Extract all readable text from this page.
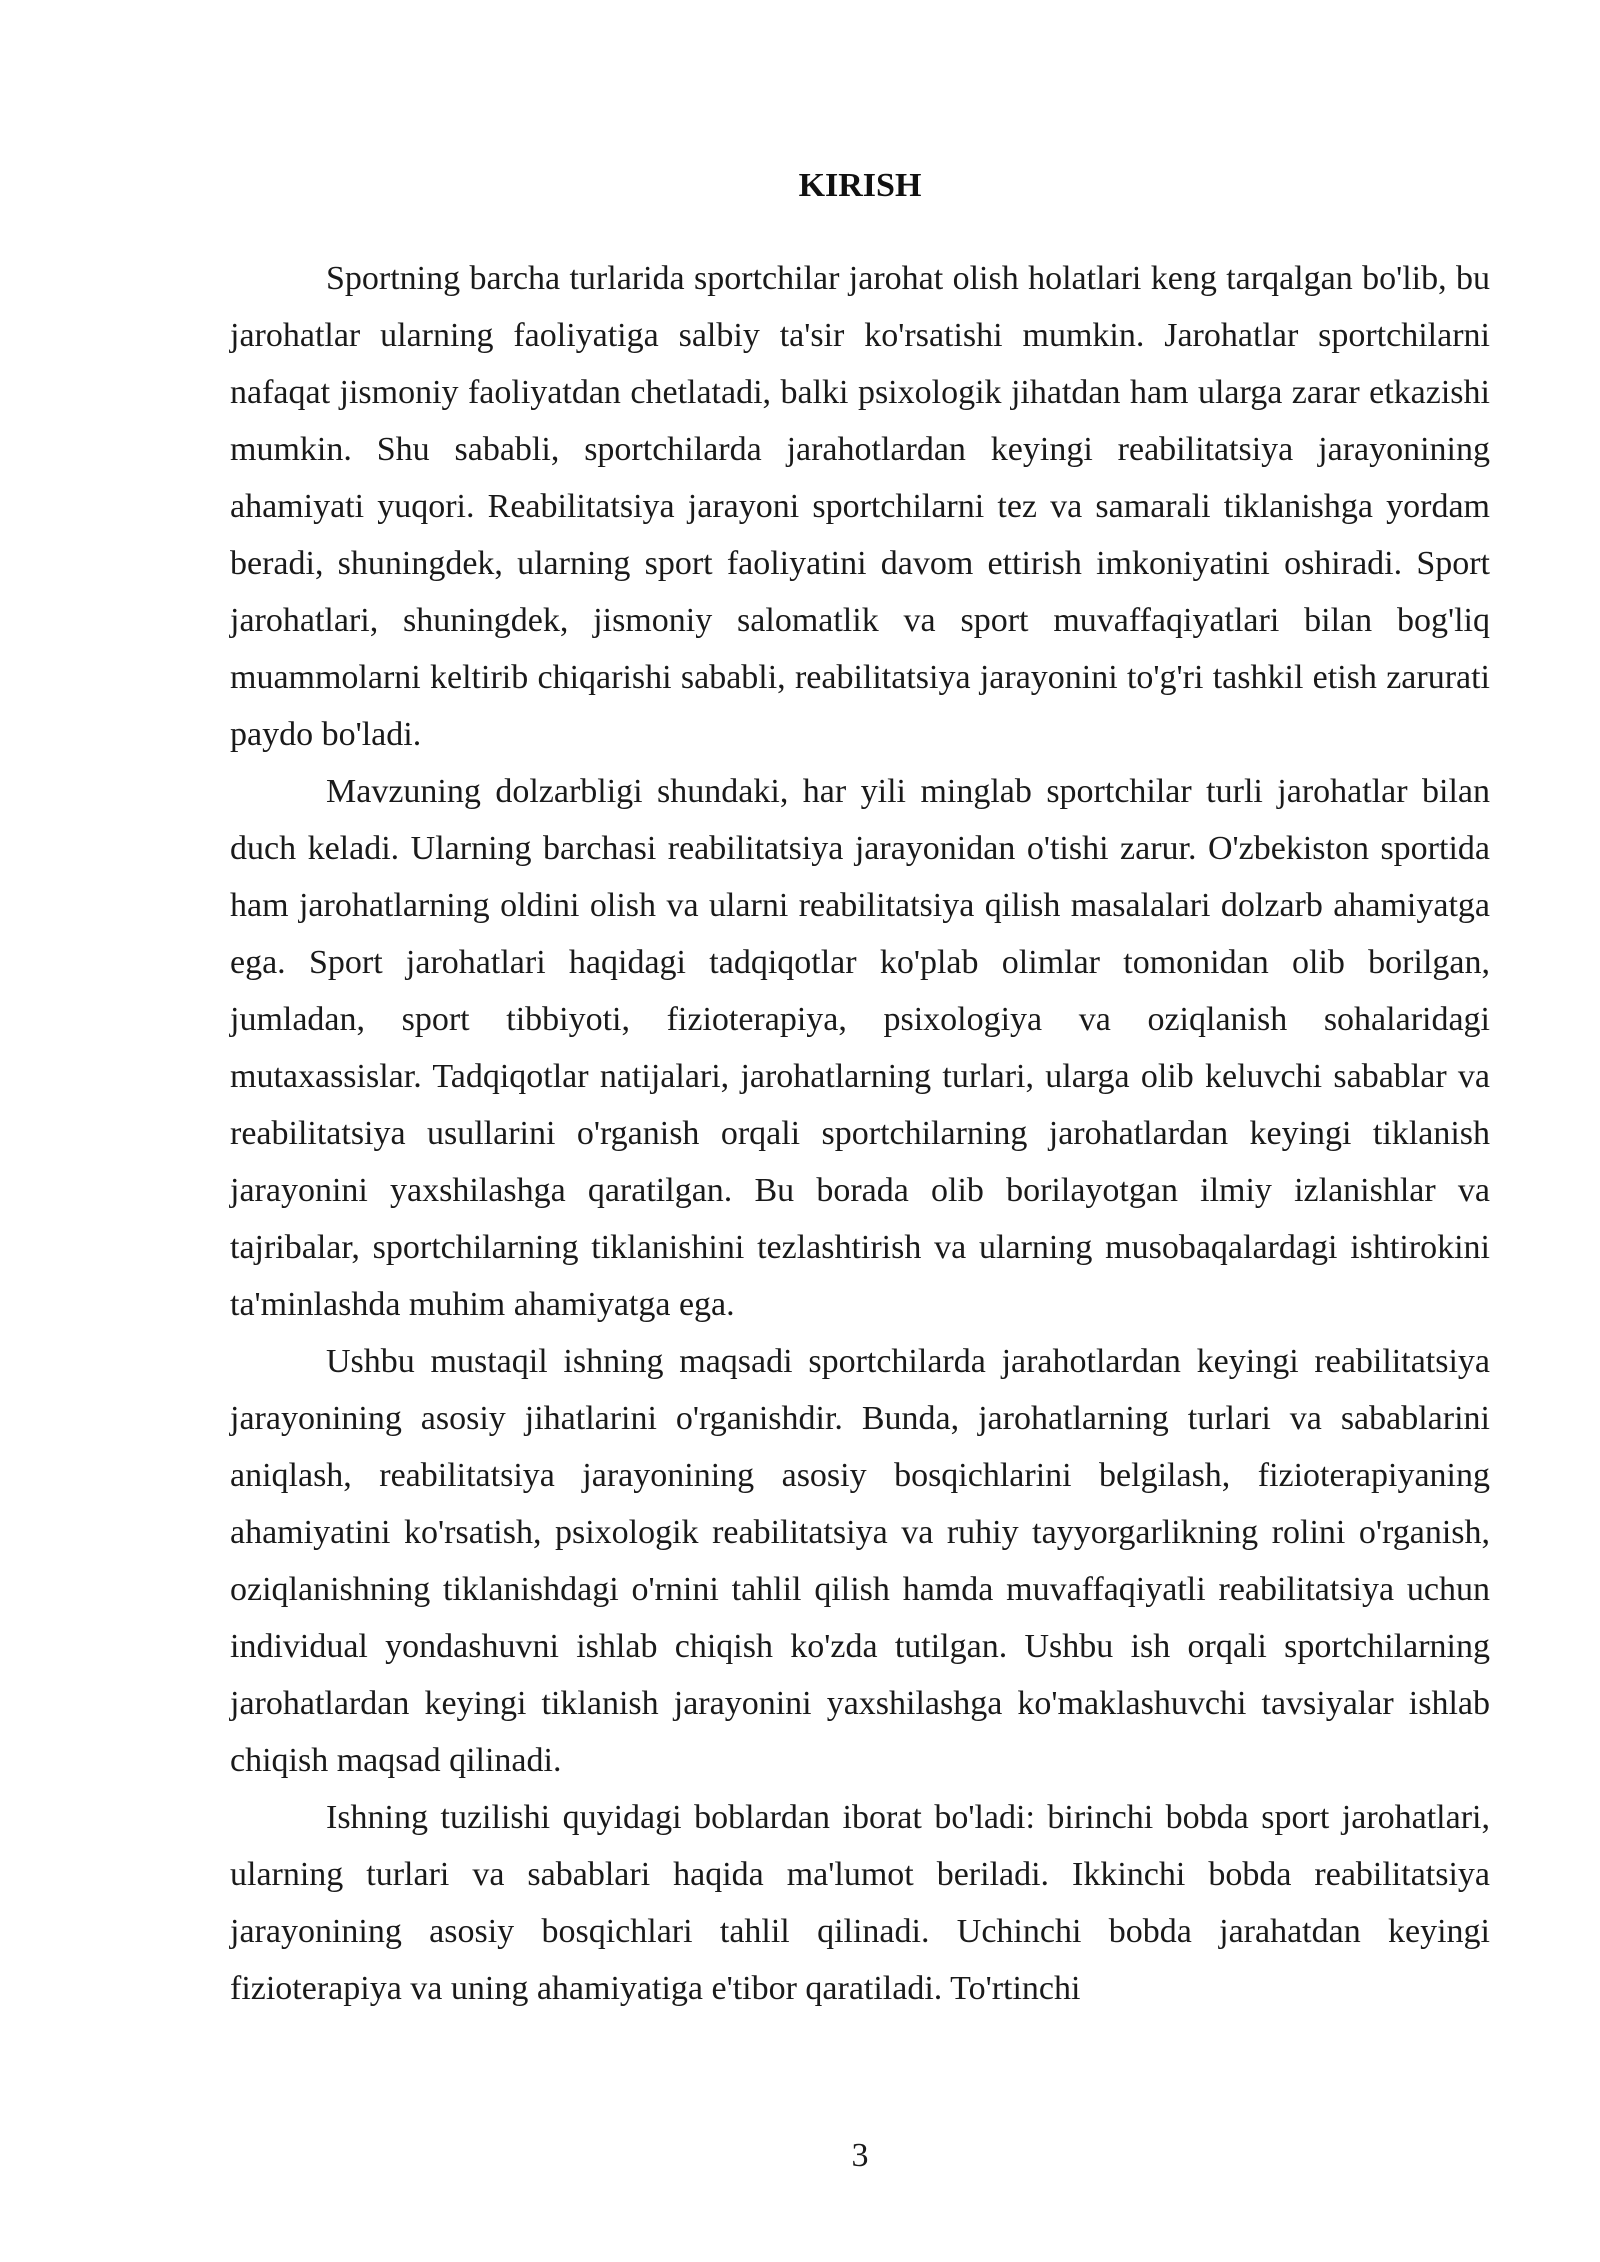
KIRISH

Sportning barcha turlarida sportchilar jarohat olish holatlari keng tarqalgan bo'lib, bu jarohatlar ularning faoliyatiga salbiy ta'sir ko'rsatishi mumkin. Jarohatlar sportchilarni nafaqat jismoniy faoliyatdan chetlatadi, balki psixologik jihatdan ham ularga zarar etkazishi mumkin. Shu sababli, sportchilarda jarahotlardan keyingi reabilitatsiya jarayonining ahamiyati yuqori. Reabilitatsiya jarayoni sportchilarni tez va samarali tiklanishga yordam beradi, shuningdek, ularning sport faoliyatini davom ettirish imkoniyatini oshiradi. Sport jarohatlari, shuningdek, jismoniy salomatlik va sport muvaffaqiyatlari bilan bog'liq muammolarni keltirib chiqarishi sababli, reabilitatsiya jarayonini to'g'ri tashkil etish zarurati paydo bo'ladi.

Mavzuning dolzarbligi shundaki, har yili minglab sportchilar turli jarohatlar bilan duch keladi. Ularning barchasi reabilitatsiya jarayonidan o'tishi zarur. O'zbekiston sportida ham jarohatlarning oldini olish va ularni reabilitatsiya qilish masalalari dolzarb ahamiyatga ega. Sport jarohatlari haqidagi tadqiqotlar ko'plab olimlar tomonidan olib borilgan, jumladan, sport tibbiyoti, fizioterapiya, psixologiya va oziqlanish sohalaridagi mutaxassislar. Tadqiqotlar natijalari, jarohatlarning turlari, ularga olib keluvchi sabablar va reabilitatsiya usullarini o'rganish orqali sportchilarning jarohatlardan keyingi tiklanish jarayonini yaxshilashga qaratilgan. Bu borada olib borilayotgan ilmiy izlanishlar va tajribalar, sportchilarning tiklanishini tezlashtirish va ularning musobaqalardagi ishtirokini ta'minlashda muhim ahamiyatga ega.

Ushbu mustaqil ishning maqsadi sportchilarda jarahotlardan keyingi reabilitatsiya jarayonining asosiy jihatlarini o'rganishdir. Bunda, jarohatlarning turlari va sabablarini aniqlash, reabilitatsiya jarayonining asosiy bosqichlarini belgilash, fizioterapiyaning ahamiyatini ko'rsatish, psixologik reabilitatsiya va ruhiy tayyorgarlikning rolini o'rganish, oziqlanishning tiklanishdagi o'rnini tahlil qilish hamda muvaffaqiyatli reabilitatsiya uchun individual yondashuvni ishlab chiqish ko'zda tutilgan. Ushbu ish orqali sportchilarning jarohatlardan keyingi tiklanish jarayonini yaxshilashga ko'maklashuvchi tavsiyalar ishlab chiqish maqsad qilinadi.

Ishning tuzilishi quyidagi boblardan iborat bo'ladi: birinchi bobda sport jarohatlari, ularning turlari va sabablari haqida ma'lumot beriladi. Ikkinchi bobda reabilitatsiya jarayonining asosiy bosqichlari tahlil qilinadi. Uchinchi bobda jarahatdan keyingi fizioterapiya va uning ahamiyatiga e'tibor qaratiladi. To'rtinchi

3
